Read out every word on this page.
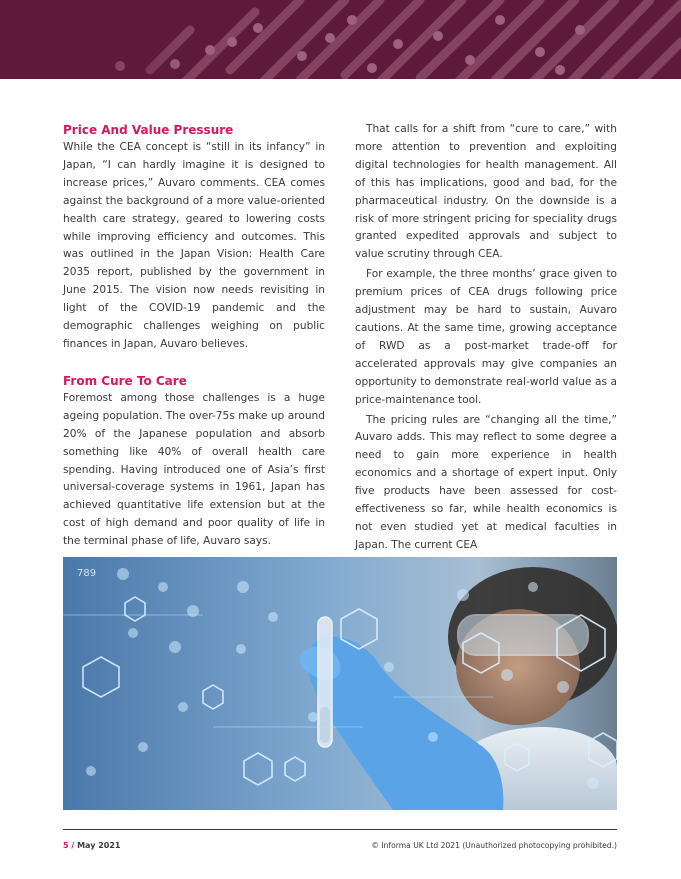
Price And Value Pressure

While the CEA concept is “still in its infancy” in Japan, “I can hardly imagine it is designed to increase prices,” Auvaro comments. CEA comes against the background of a more value-oriented health care strategy, geared to lowering costs while improving efficiency and outcomes. This was outlined in the Japan Vision: Health Care 2035 report, published by the government in June 2015. The vision now needs revisiting in light of the COVID-19 pandemic and the demographic challenges weighing on public finances in Japan, Auvaro believes.

From Cure To Care

Foremost among those challenges is a huge ageing population. The over-75s make up around 20% of the Japanese population and absorb something like 40% of overall health care spending. Having introduced one of Asia’s first universal-coverage systems in 1961, Japan has achieved quantitative life extension but at the cost of high demand and poor quality of life in the terminal phase of life, Auvaro says.

That calls for a shift from “cure to care,” with more attention to prevention and exploiting digital technologies for health management. All of this has implications, good and bad, for the pharmaceutical industry. On the downside is a risk of more stringent pricing for speciality drugs granted expedited approvals and subject to value scrutiny through CEA.

For example, the three months’ grace given to premium prices of CEA drugs following price adjustment may be hard to sustain, Auvaro cautions. At the same time, growing acceptance of RWD as a post-market trade-off for accelerated approvals may give companies an opportunity to demonstrate real-world value as a price-maintenance tool.

The pricing rules are “changing all the time,” Auvaro adds. This may reflect to some degree a need to gain more experience in health economics and a shortage of expert input. Only five products have been assessed for cost-effectiveness so far, while health economics is not even studied yet at medical faculties in Japan. The current CEA

789
5 / May 2021	© Informa UK Ltd 2021 (Unauthorized photocopying prohibited.)
